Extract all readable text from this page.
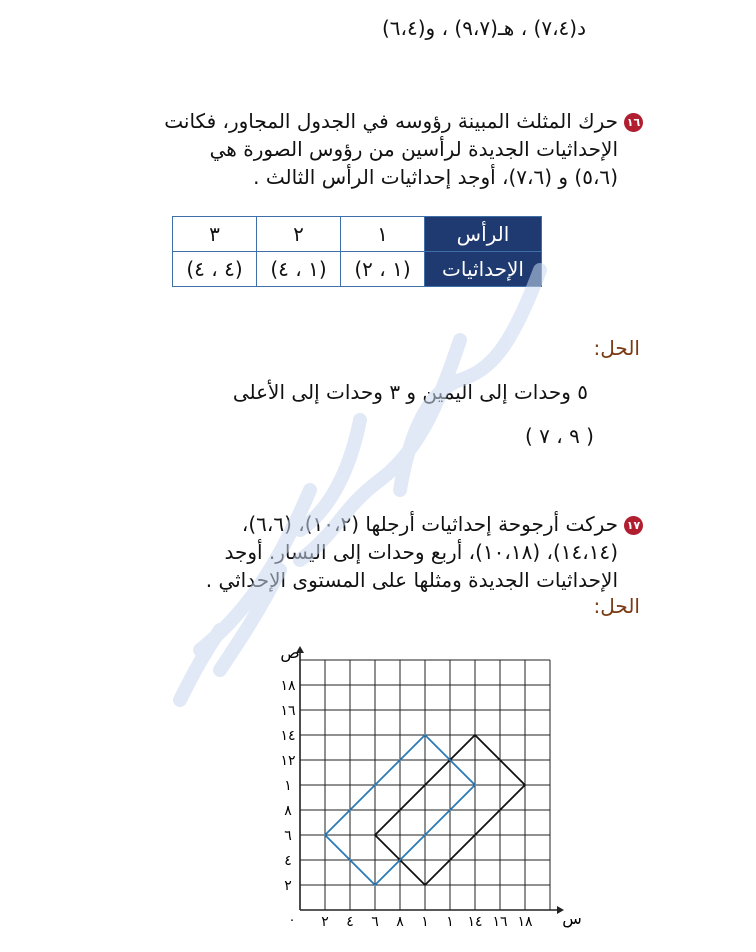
د(٧،٤) ، هـ(٩،٧) ، و(٦،٤)
١٦
حرك المثلث المبينة رؤوسه في الجدول المجاور، فكانت
الإحداثيات الجديدة لرأسين من رؤوس الصورة هي
(٥،٦) و (٧،٦)، أوجد إحداثيات الرأس الثالث .
الرأس	١	٢	٣
الإحداثيات	(١ ، ٢)	(١ ، ٤)	(٤ ، ٤)
الحل:
٥ وحدات إلى اليمين و ٣ وحدات إلى الأعلى
( ٩ ، ٧ )
١٧
حركت أرجوحة إحداثيات أرجلها (١٠،٢)، (٦،٦)،
(١٤،١٤)، (١٠،١٨)، أربع وحدات إلى اليسار. أوجد
الإحداثيات الجديدة ومثلها على المستوى الإحداثي .
الحل:
س
ص
٠
٢
٤
٦
٨
١
١٢
١٤
١٦
١٨
٢ ٤ ٦ ٨ ١ ١ ١٤ ١٦ ١٨
